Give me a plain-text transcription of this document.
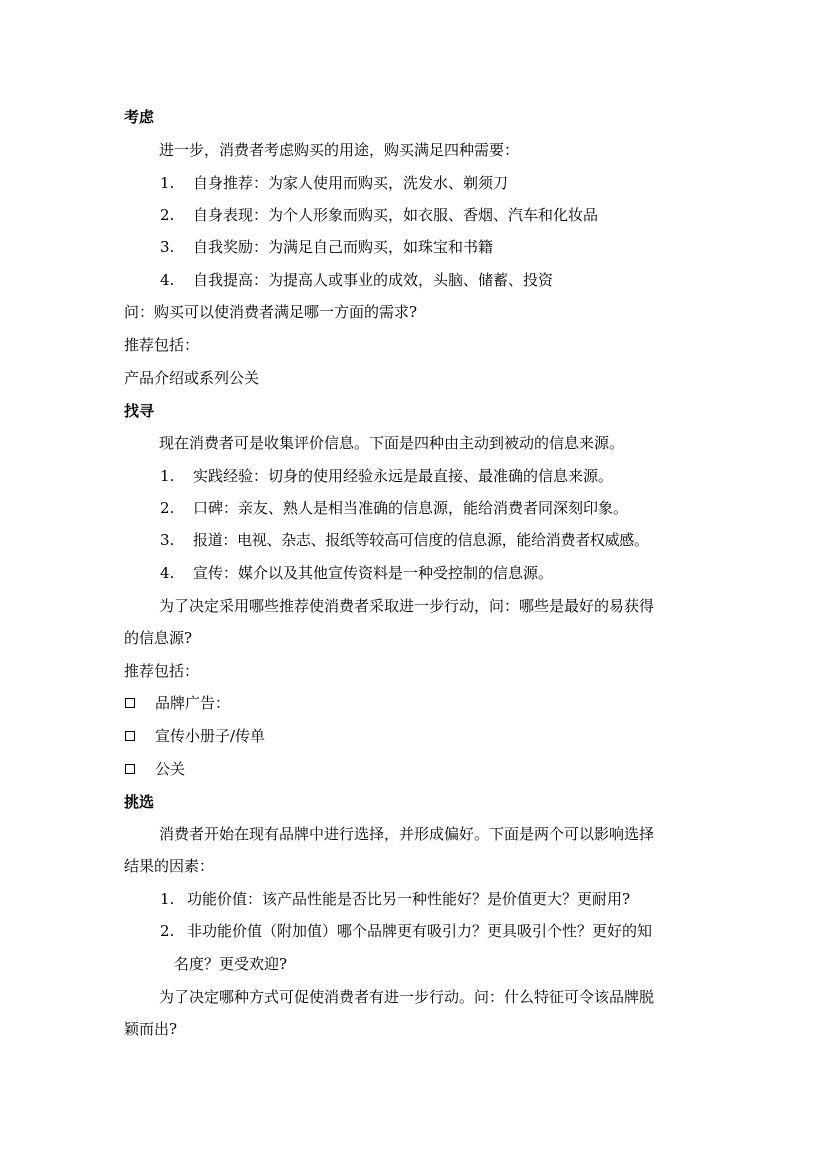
考虑
进一步，消费者考虑购买的用途，购买满足四种需要：
1. 自身推荐：为家人使用而购买，洗发水、剃须刀
2. 自身表现：为个人形象而购买，如衣服、香烟、汽车和化妆品
3. 自我奖励：为满足自己而购买，如珠宝和书籍
4. 自我提高：为提高人或事业的成效，头脑、储蓄、投资
问：购买可以使消费者满足哪一方面的需求?
推荐包括：
产品介绍或系列公关
找寻
现在消费者可是收集评价信息。下面是四种由主动到被动的信息来源。
1. 实践经验：切身的使用经验永远是最直接、最准确的信息来源。
2. 口碑：亲友、熟人是相当准确的信息源，能给消费者同深刻印象。
3. 报道：电视、杂志、报纸等较高可信度的信息源，能给消费者权威感。
4. 宣传：媒介以及其他宣传资料是一种受控制的信息源。
为了决定采用哪些推荐使消费者采取进一步行动，问：哪些是最好的易获得
的信息源?
推荐包括：
品牌广告：
宣传小册子/传单
公关
挑选
消费者开始在现有品牌中进行选择，并形成偏好。下面是两个可以影响选择
结果的因素：
1. 功能价值：该产品性能是否比另一种性能好？是价值更大？更耐用?
2. 非功能价值（附加值）哪个品牌更有吸引力？更具吸引个性？更好的知
名度？更受欢迎?
为了决定哪种方式可促使消费者有进一步行动。问：什么特征可令该品牌脱
颖而出?
